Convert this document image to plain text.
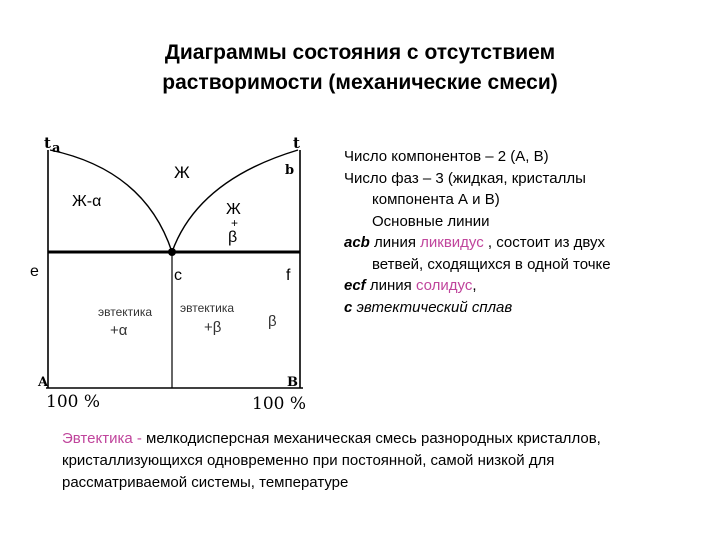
Диаграммы состояния с отсутствием
растворимости (механические смеси)
t a	t
b
e	c	f
Ж
Ж-α	Ж
+
β
эвтектика
+α
эвтектика
+β	β
A	B
100 %	100 %
Число компонентов – 2 (A, B)
Число фаз – 3 (жидкая, кристаллы
компонента А и В)
Основные линии
acb линия ликвидус , состоит из двух
ветвей, сходящихся в одной точке
ecf линия солидус,
c эвтектический сплав
Эвтектика - мелкодисперсная механическая смесь разнородных кристаллов,
кристаллизующихся одновременно при постоянной, самой низкой для
рассматриваемой системы, температуре
